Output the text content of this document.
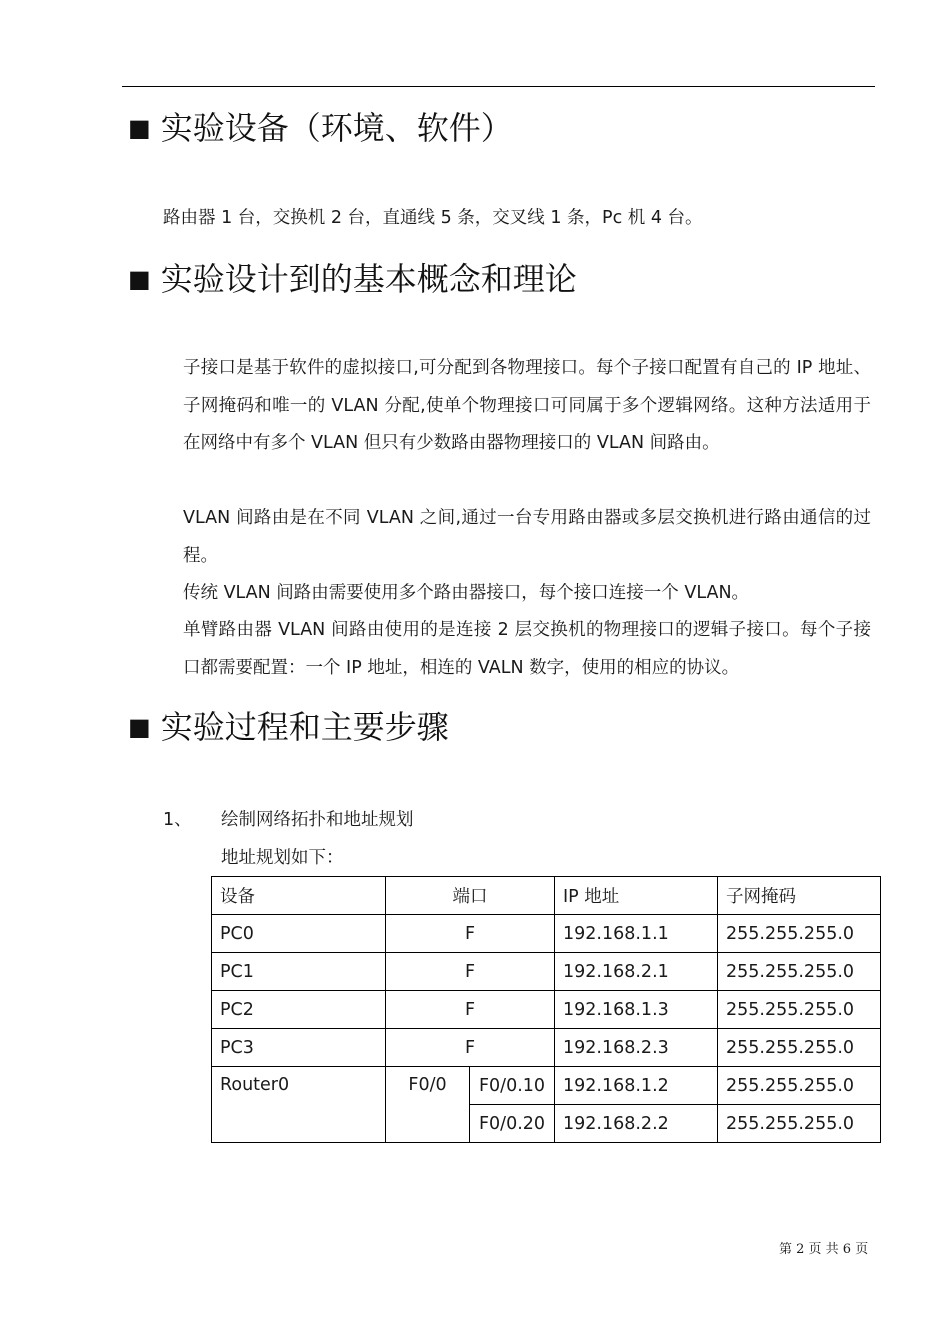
■ 实验设备（环境、软件）
路由器 1 台，交换机 2 台，直通线 5 条，交叉线 1 条，Pc 机 4 台。
■ 实验设计到的基本概念和理论

子接口是基于软件的虚拟接口,可分配到各物理接口。每个子接口配置有自己的 IP 地址、子网掩码和唯一的 VLAN 分配,使单个物理接口可同属于多个逻辑网络。这种方法适用于在网络中有多个 VLAN 但只有少数路由器物理接口的 VLAN 间路由。

VLAN 间路由是在不同 VLAN 之间,通过一台专用路由器或多层交换机进行路由通信的过程。

传统 VLAN 间路由需要使用多个路由器接口，每个接口连接一个 VLAN。

单臂路由器 VLAN 间路由使用的是连接 2 层交换机的物理接口的逻辑子接口。每个子接口都需要配置：一个 IP 地址，相连的 VALN 数字，使用的相应的协议。

■ 实验过程和主要步骤
1、 绘制网络拓扑和地址规划
地址规划如下：
设备	端口		IP 地址	子网掩码
PC0	F		192.168.1.1	255.255.255.0
PC1	F		192.168.2.1	255.255.255.0
PC2	F		192.168.1.3	255.255.255.0
PC3	F		192.168.2.3	255.255.255.0
Router0	F0/0	F0/0.10	192.168.1.2	255.255.255.0
		F0/0.20	192.168.2.2	255.255.255.0
第 2 页 共 6 页
